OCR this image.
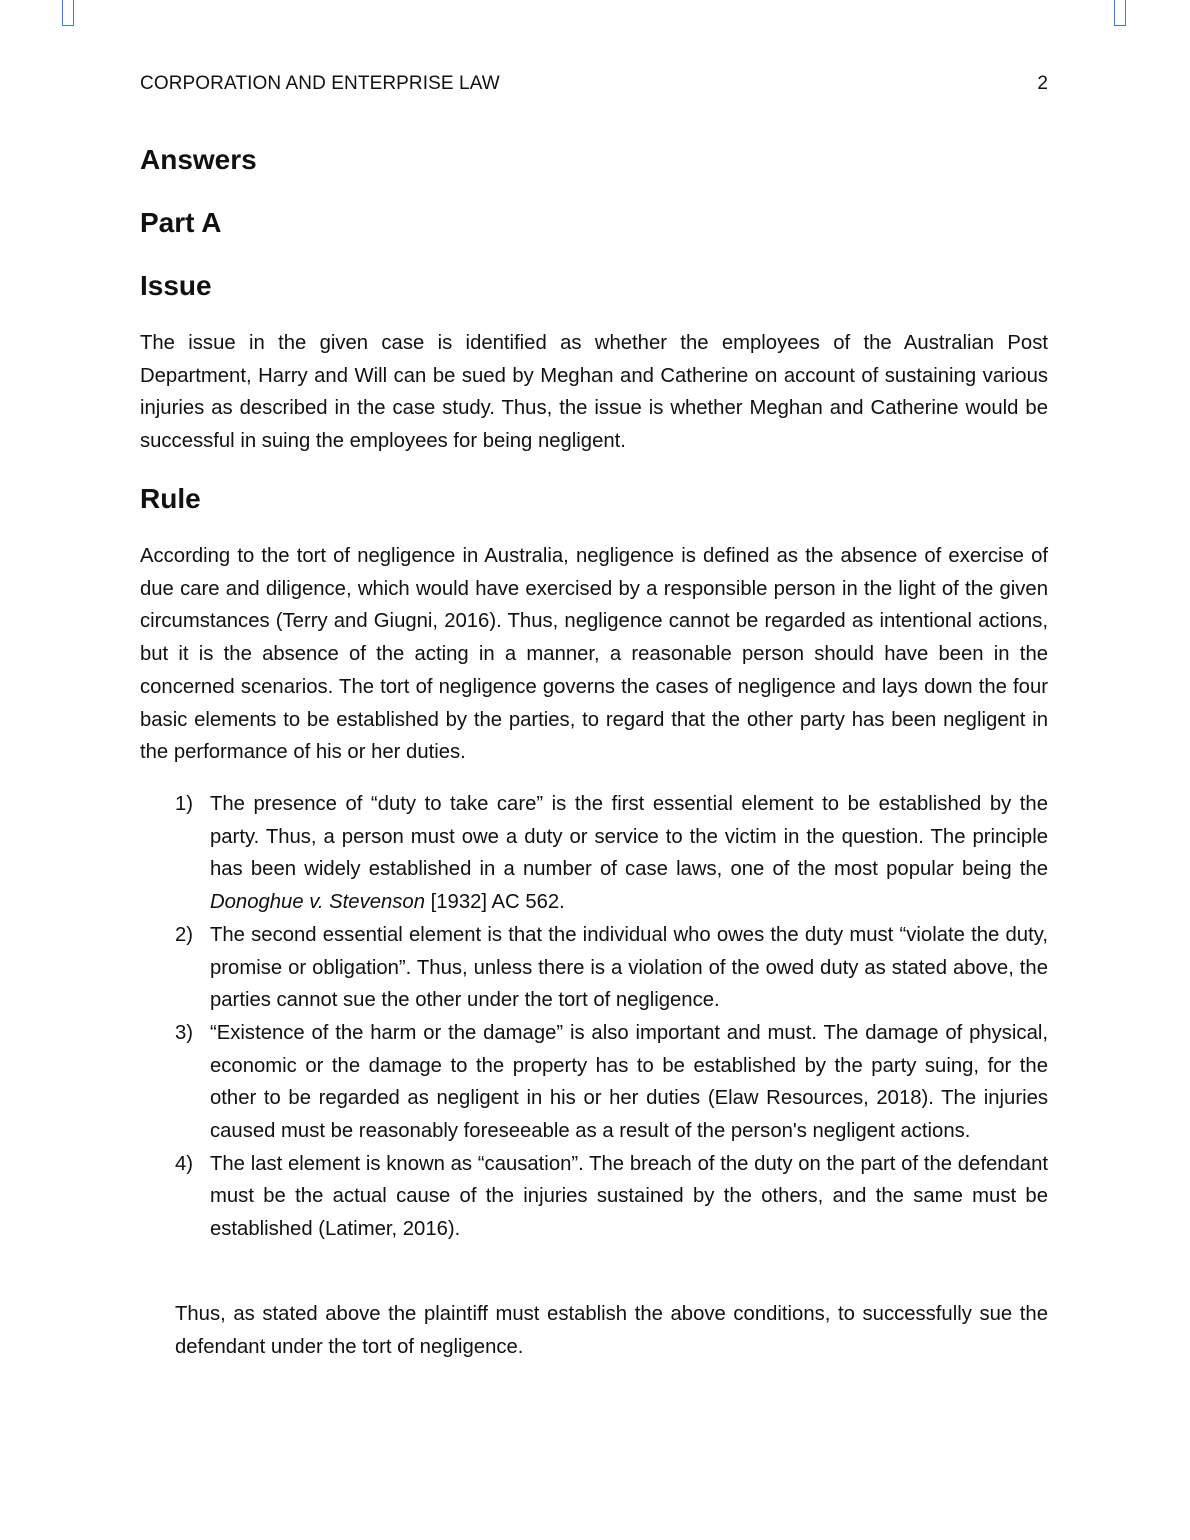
CORPORATION AND ENTERPRISE LAW	2
Answers
Part A
Issue

The issue in the given case is identified as whether the employees of the Australian Post Department, Harry and Will can be sued by Meghan and Catherine on account of sustaining various injuries as described in the case study. Thus, the issue is whether Meghan and Catherine would be successful in suing the employees for being negligent.

Rule

According to the tort of negligence in Australia, negligence is defined as the absence of exercise of due care and diligence, which would have exercised by a responsible person in the light of the given circumstances (Terry and Giugni, 2016). Thus, negligence cannot be regarded as intentional actions, but it is the absence of the acting in a manner, a reasonable person should have been in the concerned scenarios. The tort of negligence governs the cases of negligence and lays down the four basic elements to be established by the parties, to regard that the other party has been negligent in the performance of his or her duties.

1) The presence of “duty to take care” is the first essential element to be established by the party. Thus, a person must owe a duty or service to the victim in the question. The principle has been widely established in a number of case laws, one of the most popular being the Donoghue v. Stevenson [1932] AC 562.
2) The second essential element is that the individual who owes the duty must “violate the duty, promise or obligation”. Thus, unless there is a violation of the owed duty as stated above, the parties cannot sue the other under the tort of negligence.
3) “Existence of the harm or the damage” is also important and must. The damage of physical, economic or the damage to the property has to be established by the party suing, for the other to be regarded as negligent in his or her duties (Elaw Resources, 2018). The injuries caused must be reasonably foreseeable as a result of the person's negligent actions.
4) The last element is known as “causation”. The breach of the duty on the part of the defendant must be the actual cause of the injuries sustained by the others, and the same must be established (Latimer, 2016).

Thus, as stated above the plaintiff must establish the above conditions, to successfully sue the defendant under the tort of negligence.
